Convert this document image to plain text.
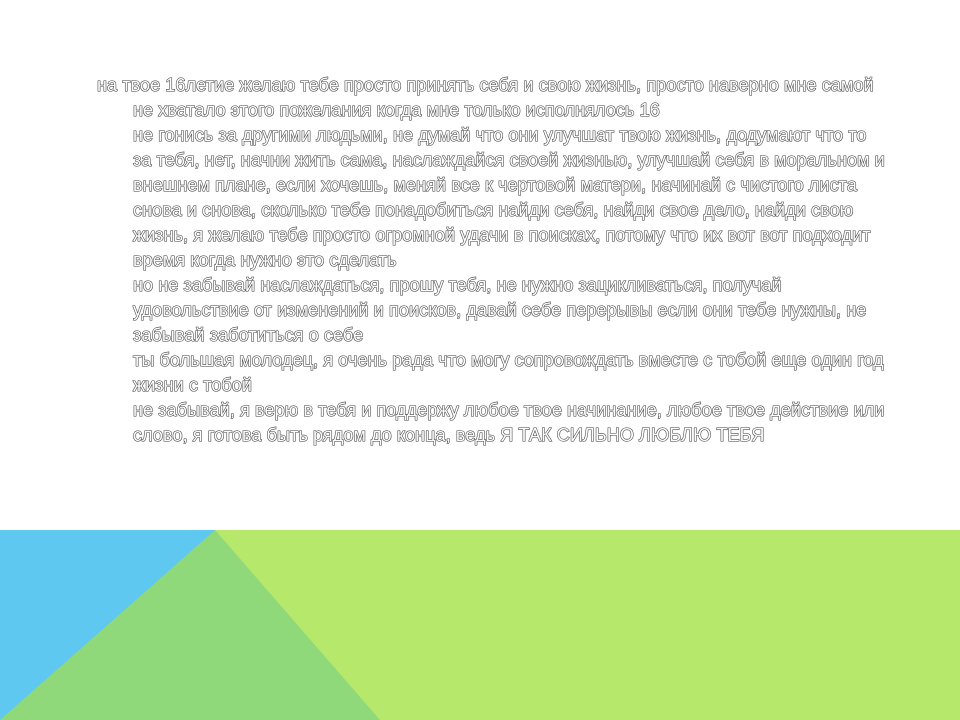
на твое 16летие желаю тебе просто принять себя и свою жизнь, просто наверно мне самой не хватало этого пожелания когда мне только исполнялось 16

не гонись за другими людьми, не думай что они улучшат твою жизнь, додумают что то за тебя, нет, начни жить сама, наслаждайся своей жизнью, улучшай себя в моральном и внешнем плане, если хочешь, меняй все к чертовой матери, начинай с чистого листа снова и снова, сколько тебе понадобиться найди себя, найди свое дело, найди свою жизнь, я желаю тебе просто огромной удачи в поисках, потому что их вот вот подходит время когда нужно это сделать

но не забывай наслаждаться, прошу тебя, не нужно зацикливаться, получай удовольствие от изменений и поисков, давай себе перерывы если они тебе нужны, не забывай заботиться о себе

ты большая молодец, я очень рада что могу сопровождать вместе с тобой еще один год жизни с тобой

не забывай, я верю в тебя и поддержу любое твое начинание, любое твое действие или слово, я готова быть рядом до конца, ведь Я ТАК СИЛЬНО ЛЮБЛЮ ТЕБЯ
